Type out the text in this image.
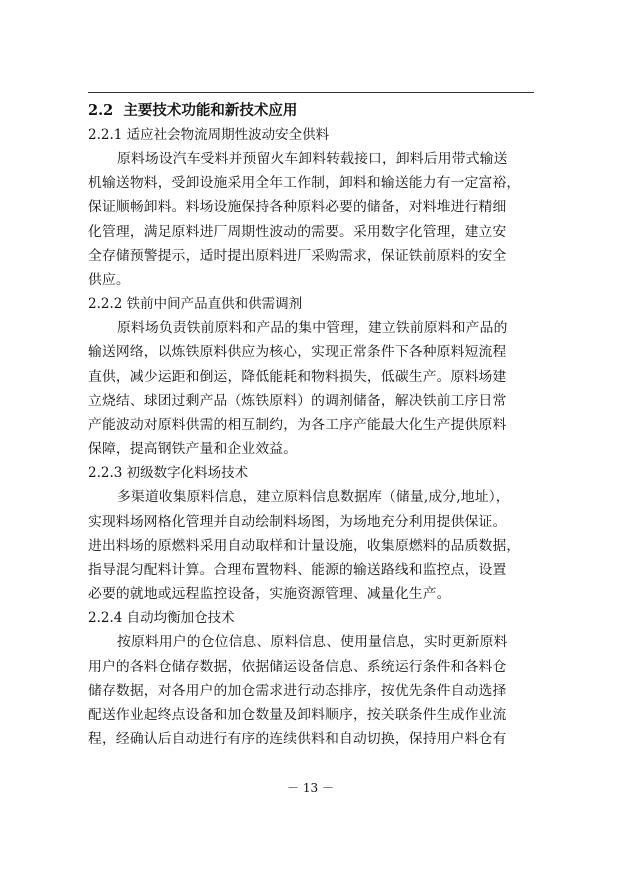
2.2 主要技术功能和新技术应用

2.2.1 适应社会物流周期性波动安全供料

原料场设汽车受料并预留火车卸料转载接口，卸料后用带式输送
机输送物料，受卸设施采用全年工作制，卸料和输送能力有一定富裕，
保证顺畅卸料。料场设施保持各种原料必要的储备，对料堆进行精细
化管理，满足原料进厂周期性波动的需要。采用数字化管理，建立安
全存储预警提示，适时提出原料进厂采购需求，保证铁前原料的安全
供应。

2.2.2 铁前中间产品直供和供需调剂

原料场负责铁前原料和产品的集中管理，建立铁前原料和产品的
输送网络，以炼铁原料供应为核心，实现正常条件下各种原料短流程
直供，减少运距和倒运，降低能耗和物料损失，低碳生产。原料场建
立烧结、球团过剩产品（炼铁原料）的调剂储备，解决铁前工序日常
产能波动对原料供需的相互制约，为各工序产能最大化生产提供原料
保障，提高钢铁产量和企业效益。

2.2.3 初级数字化料场技术

多渠道收集原料信息，建立原料信息数据库（储量,成分,地址），
实现料场网格化管理并自动绘制料场图，为场地充分利用提供保证。
进出料场的原燃料采用自动取样和计量设施，收集原燃料的品质数据，
指导混匀配料计算。合理布置物料、能源的输送路线和监控点，设置
必要的就地或远程监控设备，实施资源管理、减量化生产。

2.2.4 自动均衡加仓技术

按原料用户的仓位信息、原料信息、使用量信息，实时更新原料
用户的各料仓储存数据，依据储运设备信息、系统运行条件和各料仓
储存数据，对各用户的加仓需求进行动态排序，按优先条件自动选择
配送作业起终点设备和加仓数量及卸料顺序，按关联条件生成作业流
程，经确认后自动进行有序的连续供料和自动切换，保持用户料仓有
－ 13 －
